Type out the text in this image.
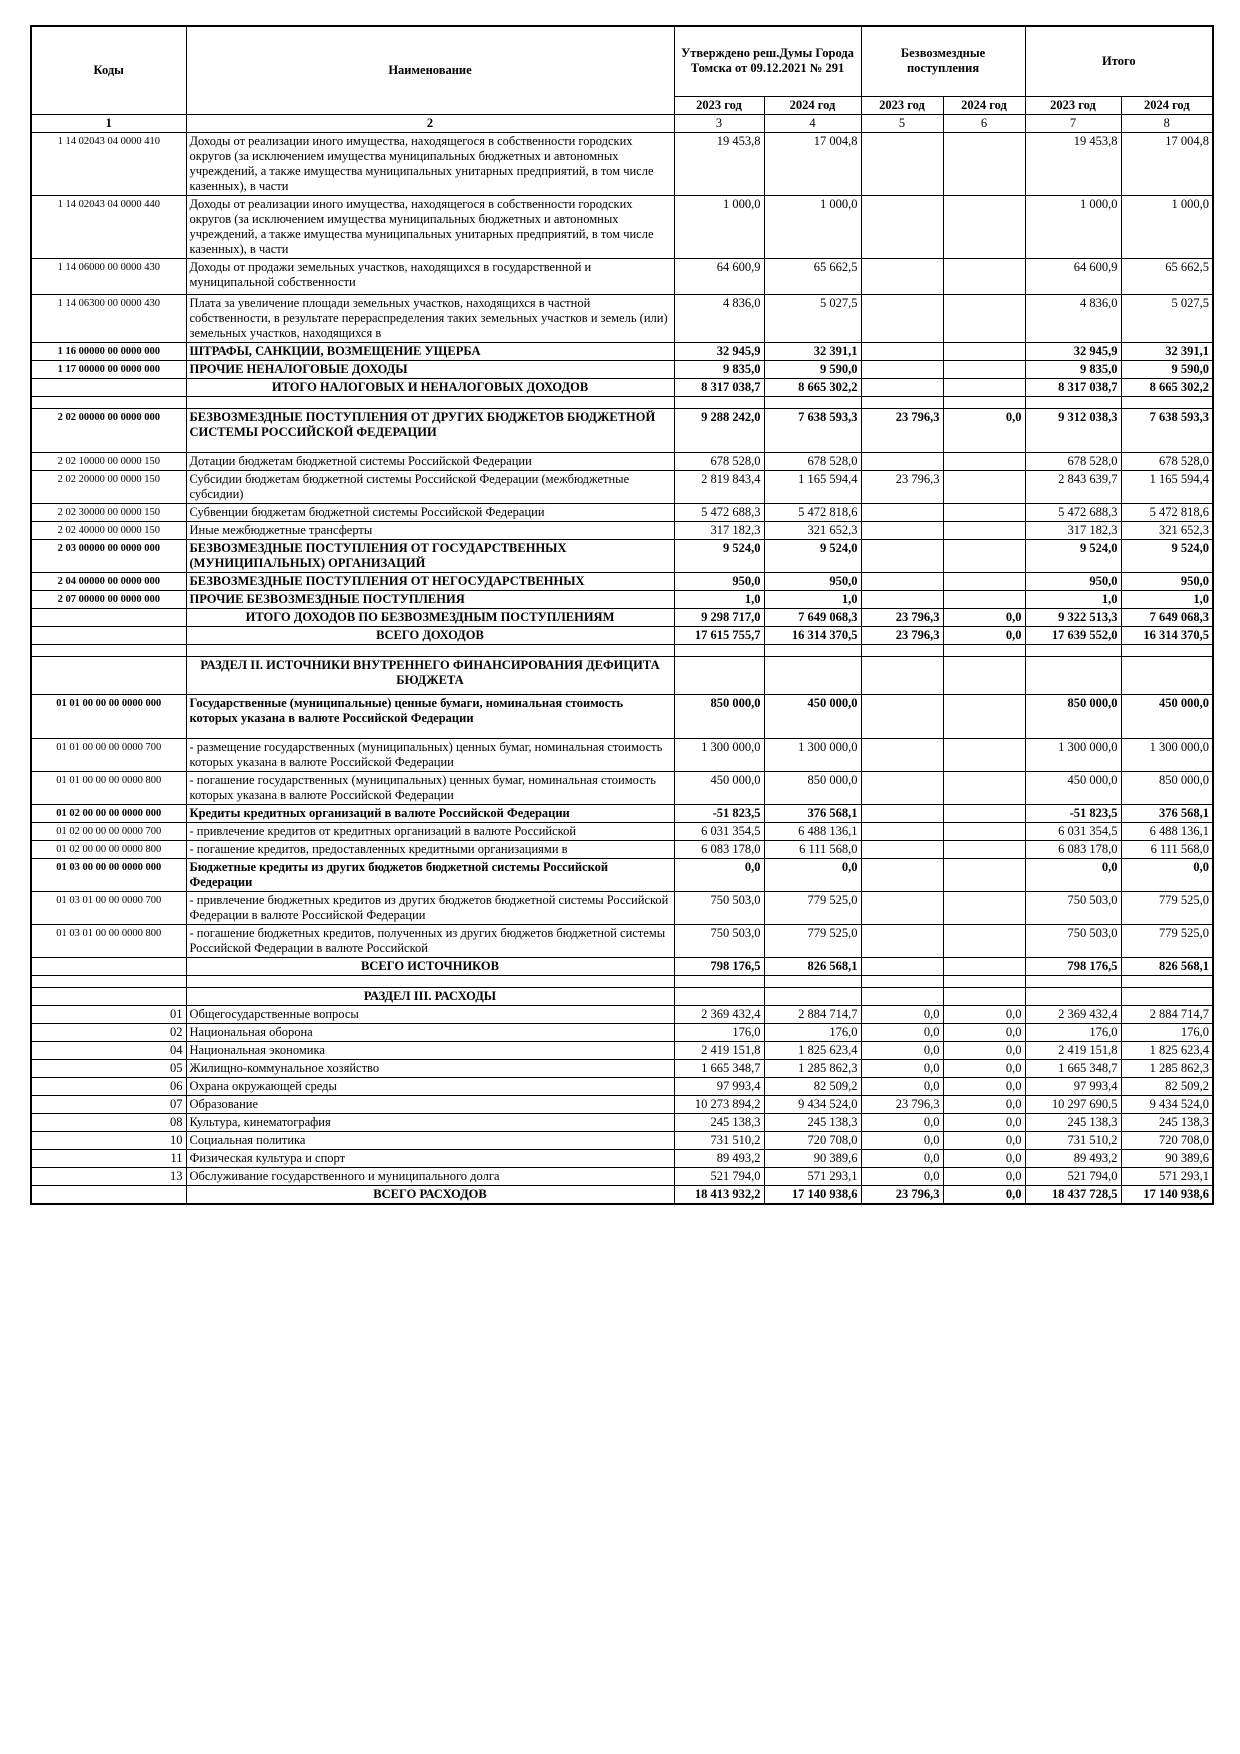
Коды	Наименование	Утверждено реш.Думы Города Томска от 09.12.2021 № 291		Безвозмездные поступления		Итого	
		2023 год	2024 год	2023 год	2024 год	2023 год	2024 год
1	2	3	4	5	6	7	8
1 14 02043 04 0000 410	Доходы от реализации иного имущества, находящегося в собственности городских округов (за исключением имущества муниципальных бюджетных и автономных учреждений, а также имущества муниципальных унитарных предприятий, в том числе казенных), в части	19 453,8	17 004,8			19 453,8	17 004,8
1 14 02043 04 0000 440	Доходы от реализации иного имущества, находящегося в собственности городских округов (за исключением имущества муниципальных бюджетных и автономных учреждений, а также имущества муниципальных унитарных предприятий, в том числе казенных), в части	1 000,0	1 000,0			1 000,0	1 000,0
1 14 06000 00 0000 430	Доходы от продажи земельных участков, находящихся в государственной и муниципальной собственности	64 600,9	65 662,5			64 600,9	65 662,5
1 14 06300 00 0000 430	Плата за увеличение площади земельных участков, находящихся в частной собственности, в результате перераспределения таких земельных участков и земель (или) земельных участков, находящихся в	4 836,0	5 027,5			4 836,0	5 027,5
1 16 00000 00 0000 000	ШТРАФЫ, САНКЦИИ, ВОЗМЕЩЕНИЕ УЩЕРБА	32 945,9	32 391,1			32 945,9	32 391,1
1 17 00000 00 0000 000	ПРОЧИЕ НЕНАЛОГОВЫЕ ДОХОДЫ	9 835,0	9 590,0			9 835,0	9 590,0
	ИТОГО НАЛОГОВЫХ И НЕНАЛОГОВЫХ ДОХОДОВ	8 317 038,7	8 665 302,2			8 317 038,7	8 665 302,2

2 02 00000 00 0000 000	БЕЗВОЗМЕЗДНЫЕ ПОСТУПЛЕНИЯ ОТ ДРУГИХ БЮДЖЕТОВ БЮДЖЕТНОЙ СИСТЕМЫ РОССИЙСКОЙ ФЕДЕРАЦИИ	9 288 242,0	7 638 593,3	23 796,3	0,0	9 312 038,3	7 638 593,3
2 02 10000 00 0000 150	Дотации бюджетам бюджетной системы Российской Федерации	678 528,0	678 528,0			678 528,0	678 528,0
2 02 20000 00 0000 150	Субсидии бюджетам бюджетной системы Российской Федерации (межбюджетные субсидии)	2 819 843,4	1 165 594,4	23 796,3		2 843 639,7	1 165 594,4
2 02 30000 00 0000 150	Субвенции бюджетам бюджетной системы Российской Федерации	5 472 688,3	5 472 818,6			5 472 688,3	5 472 818,6
2 02 40000 00 0000 150	Иные межбюджетные трансферты	317 182,3	321 652,3			317 182,3	321 652,3
2 03 00000 00 0000 000	БЕЗВОЗМЕЗДНЫЕ ПОСТУПЛЕНИЯ ОТ ГОСУДАРСТВЕННЫХ (МУНИЦИПАЛЬНЫХ) ОРГАНИЗАЦИЙ	9 524,0	9 524,0			9 524,0	9 524,0
2 04 00000 00 0000 000	БЕЗВОЗМЕЗДНЫЕ ПОСТУПЛЕНИЯ ОТ НЕГОСУДАРСТВЕННЫХ	950,0	950,0			950,0	950,0
2 07 00000 00 0000 000	ПРОЧИЕ БЕЗВОЗМЕЗДНЫЕ ПОСТУПЛЕНИЯ	1,0	1,0			1,0	1,0
	ИТОГО ДОХОДОВ ПО БЕЗВОЗМЕЗДНЫМ ПОСТУПЛЕНИЯМ	9 298 717,0	7 649 068,3	23 796,3	0,0	9 322 513,3	7 649 068,3
	ВСЕГО ДОХОДОВ	17 615 755,7	16 314 370,5	23 796,3	0,0	17 639 552,0	16 314 370,5

	РАЗДЕЛ II. ИСТОЧНИКИ ВНУТРЕННЕГО ФИНАНСИРОВАНИЯ ДЕФИЦИТА БЮДЖЕТА						
01 01 00 00 00 0000 000	Государственные (муниципальные) ценные бумаги, номинальная стоимость которых указана в валюте Российской Федерации	850 000,0	450 000,0			850 000,0	450 000,0
01 01 00 00 00 0000 700	- размещение государственных (муниципальных) ценных бумаг, номинальная стоимость которых указана в валюте Российской Федерации	1 300 000,0	1 300 000,0			1 300 000,0	1 300 000,0
01 01 00 00 00 0000 800	- погашение государственных (муниципальных) ценных бумаг, номинальная стоимость которых указана в валюте Российской Федерации	450 000,0	850 000,0			450 000,0	850 000,0
01 02 00 00 00 0000 000	Кредиты кредитных организаций в валюте Российской Федерации	-51 823,5	376 568,1			-51 823,5	376 568,1
01 02 00 00 00 0000 700	- привлечение кредитов от кредитных организаций в валюте Российской	6 031 354,5	6 488 136,1			6 031 354,5	6 488 136,1
01 02 00 00 00 0000 800	- погашение кредитов, предоставленных кредитными организациями в	6 083 178,0	6 111 568,0			6 083 178,0	6 111 568,0
01 03 00 00 00 0000 000	Бюджетные кредиты из других бюджетов бюджетной системы Российской Федерации	0,0	0,0			0,0	0,0
01 03 01 00 00 0000 700	- привлечение бюджетных кредитов из других бюджетов бюджетной системы Российской Федерации в валюте Российской Федерации	750 503,0	779 525,0			750 503,0	779 525,0
01 03 01 00 00 0000 800	- погашение бюджетных кредитов, полученных из других бюджетов бюджетной системы Российской Федерации в валюте Российской	750 503,0	779 525,0			750 503,0	779 525,0
	ВСЕГО ИСТОЧНИКОВ	798 176,5	826 568,1			798 176,5	826 568,1

	РАЗДЕЛ III. РАСХОДЫ						
01	Общегосударственные вопросы	2 369 432,4	2 884 714,7	0,0	0,0	2 369 432,4	2 884 714,7
02	Национальная оборона	176,0	176,0	0,0	0,0	176,0	176,0
04	Национальная экономика	2 419 151,8	1 825 623,4	0,0	0,0	2 419 151,8	1 825 623,4
05	Жилищно-коммунальное хозяйство	1 665 348,7	1 285 862,3	0,0	0,0	1 665 348,7	1 285 862,3
06	Охрана окружающей среды	97 993,4	82 509,2	0,0	0,0	97 993,4	82 509,2
07	Образование	10 273 894,2	9 434 524,0	23 796,3	0,0	10 297 690,5	9 434 524,0
08	Культура, кинематография	245 138,3	245 138,3	0,0	0,0	245 138,3	245 138,3
10	Социальная политика	731 510,2	720 708,0	0,0	0,0	731 510,2	720 708,0
11	Физическая культура и спорт	89 493,2	90 389,6	0,0	0,0	89 493,2	90 389,6
13	Обслуживание государственного и муниципального долга	521 794,0	571 293,1	0,0	0,0	521 794,0	571 293,1
	ВСЕГО РАСХОДОВ	18 413 932,2	17 140 938,6	23 796,3	0,0	18 437 728,5	17 140 938,6
